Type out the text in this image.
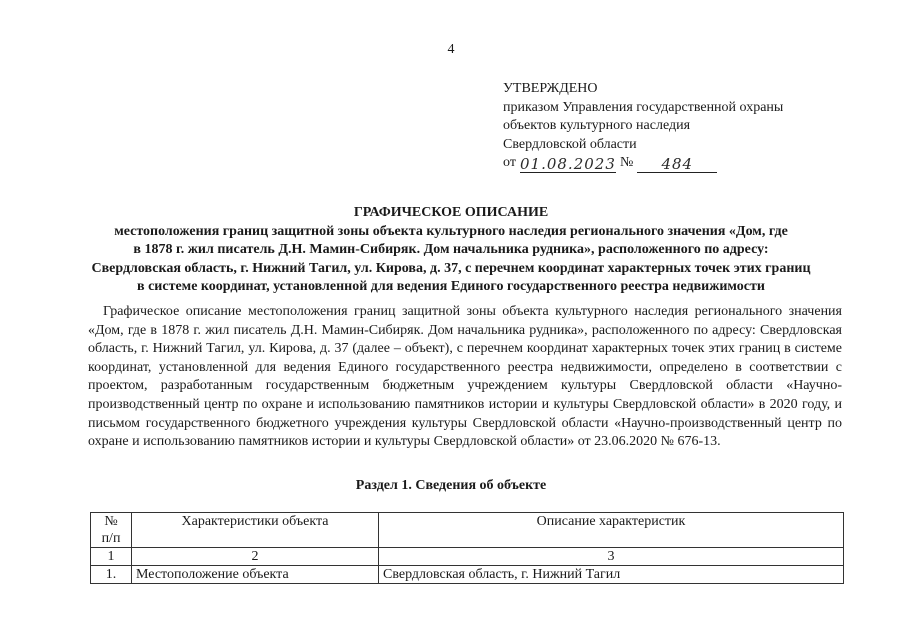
4
УТВЕРЖДЕНО
приказом Управления государственной охраны
объектов культурного наследия
Свердловской области
от 01.08.2023 №	484
ГРАФИЧЕСКОЕ ОПИСАНИЕ
местоположения границ защитной зоны объекта культурного наследия регионального значения «Дом, где
в 1878 г. жил писатель Д.Н. Мамин-Сибиряк. Дом начальника рудника», расположенного по адресу:
Свердловская область, г. Нижний Тагил, ул. Кирова, д. 37, с перечнем координат характерных точек этих границ
в системе координат, установленной для ведения Единого государственного реестра недвижимости

Графическое описание местоположения границ защитной зоны объекта культурного наследия регионального значения «Дом, где в 1878 г. жил писатель Д.Н. Мамин-Сибиряк. Дом начальника рудника», расположенного по адресу: Свердловская область, г. Нижний Тагил, ул. Кирова, д. 37 (далее – объект), с перечнем координат характерных точек этих границ в системе координат, установленной для ведения Единого государственного реестра недвижимости, определено в соответствии с проектом, разработанным государственным бюджетным учреждением культуры Свердловской области «Научно-производственный центр по охране и использованию памятников истории и культуры Свердловской области» в 2020 году, и письмом государственного бюджетного учреждения культуры Свердловской области «Научно-производственный центр по охране и использованию памятников истории и культуры Свердловской области» от 23.06.2020 № 676-13.

Раздел 1. Сведения об объекте
№
п/п	Характеристики объекта	Описание характеристик
1	2	3
1.	Местоположение объекта	Свердловская область, г. Нижний Тагил
